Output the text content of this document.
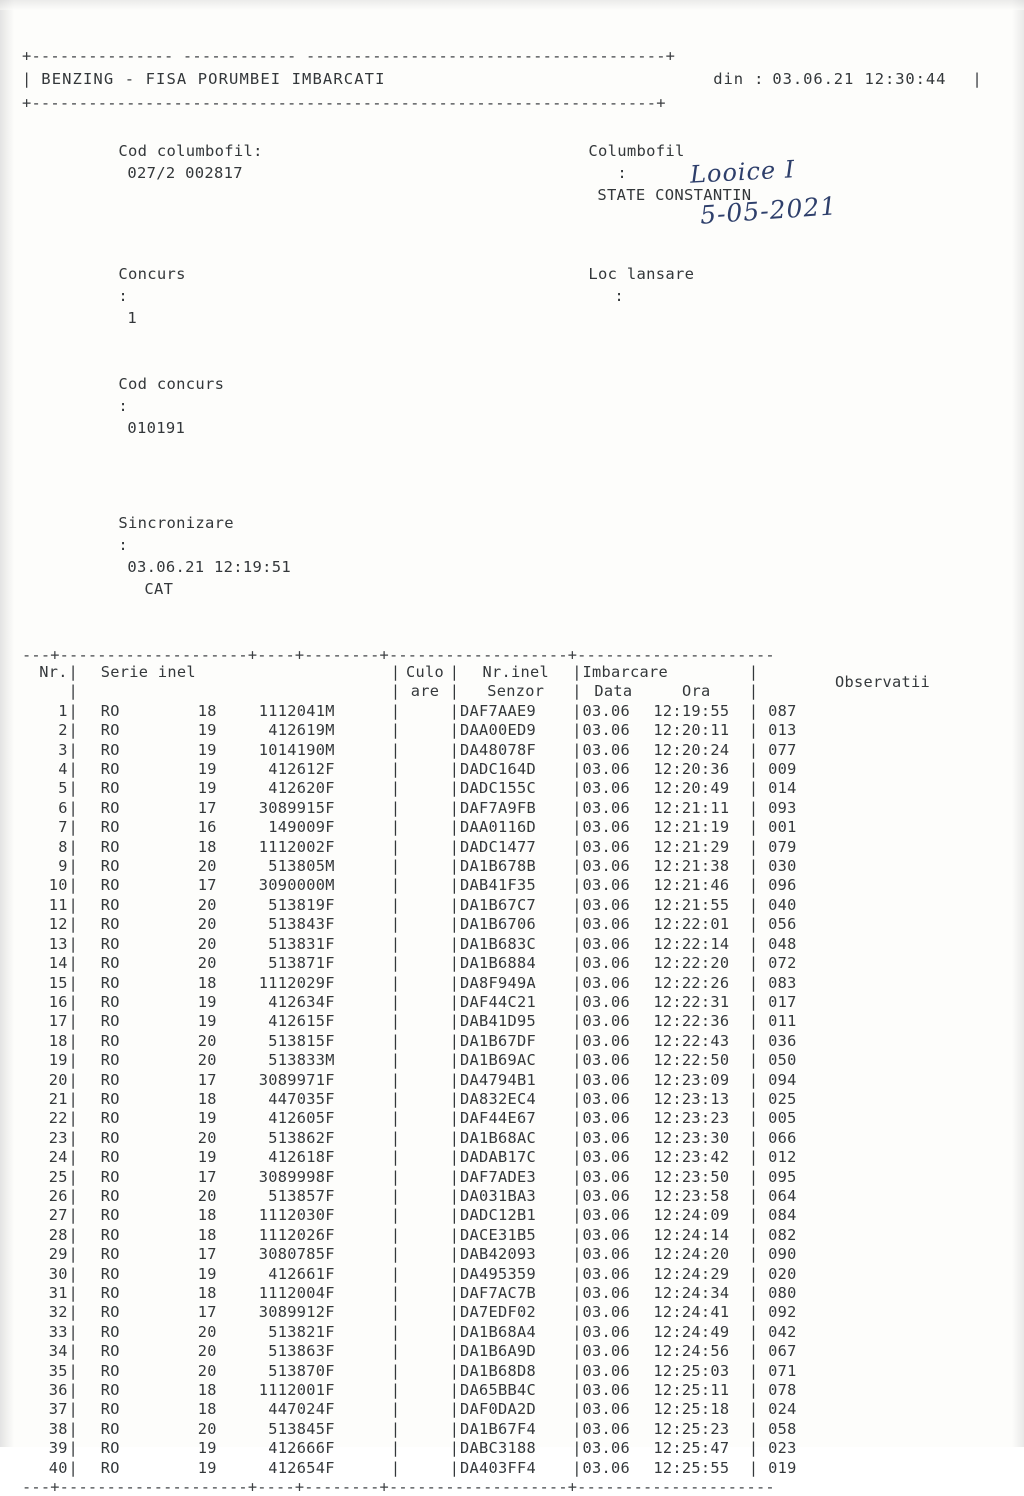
+--------------- ------------ --------------------------------------+
| BENZING - FISA PORUMBEI IMBARCATI	din : 03.06.21 12:30:44 |
+------------------------------------------------------------------+

Cod columbofil:
027/2 002817

Columbofil
:
STATE CONSTANTIN

Concurs
:
1

Loc lansare
:

Cod concurs
:
010191

Sincronizare
:
03.06.21 12:19:51
CAT

---+--------------------+----+--------+-------------------+---------------------
Nr.	|	Serie inel	|	Culo	|	Nr.inel	|	Imbarcare		|	Observatii
	|		|	are	|	Senzor	|	Data	Ora	|	
1	|	RO 18 1112041M	|		|	DAF7AAE9	|	03.06	12:19:55	|	087
2	|	RO 19 412619M	|		|	DAA00ED9	|	03.06	12:20:11	|	013
3	|	RO 19 1014190M	|		|	DA48078F	|	03.06	12:20:24	|	077
4	|	RO 19 412612F	|		|	DADC164D	|	03.06	12:20:36	|	009
5	|	RO 19 412620F	|		|	DADC155C	|	03.06	12:20:49	|	014
6	|	RO 17 3089915F	|		|	DAF7A9FB	|	03.06	12:21:11	|	093
7	|	RO 16 149009F	|		|	DAA0116D	|	03.06	12:21:19	|	001
8	|	RO 18 1112002F	|		|	DADC1477	|	03.06	12:21:29	|	079
9	|	RO 20 513805M	|		|	DA1B678B	|	03.06	12:21:38	|	030
10	|	RO 17 3090000M	|		|	DAB41F35	|	03.06	12:21:46	|	096
11	|	RO 20 513819F	|		|	DA1B67C7	|	03.06	12:21:55	|	040
12	|	RO 20 513843F	|		|	DA1B6706	|	03.06	12:22:01	|	056
13	|	RO 20 513831F	|		|	DA1B683C	|	03.06	12:22:14	|	048
14	|	RO 20 513871F	|		|	DA1B6884	|	03.06	12:22:20	|	072
15	|	RO 18 1112029F	|		|	DA8F949A	|	03.06	12:22:26	|	083
16	|	RO 19 412634F	|		|	DAF44C21	|	03.06	12:22:31	|	017
17	|	RO 19 412615F	|		|	DAB41D95	|	03.06	12:22:36	|	011
18	|	RO 20 513815F	|		|	DA1B67DF	|	03.06	12:22:43	|	036
19	|	RO 20 513833M	|		|	DA1B69AC	|	03.06	12:22:50	|	050
20	|	RO 17 3089971F	|		|	DA4794B1	|	03.06	12:23:09	|	094
21	|	RO 18 447035F	|		|	DA832EC4	|	03.06	12:23:13	|	025
22	|	RO 19 412605F	|		|	DAF44E67	|	03.06	12:23:23	|	005
23	|	RO 20 513862F	|		|	DA1B68AC	|	03.06	12:23:30	|	066
24	|	RO 19 412618F	|		|	DADAB17C	|	03.06	12:23:42	|	012
25	|	RO 17 3089998F	|		|	DAF7ADE3	|	03.06	12:23:50	|	095
26	|	RO 20 513857F	|		|	DA031BA3	|	03.06	12:23:58	|	064
27	|	RO 18 1112030F	|		|	DADC12B1	|	03.06	12:24:09	|	084
28	|	RO 18 1112026F	|		|	DACE31B5	|	03.06	12:24:14	|	082
29	|	RO 17 3080785F	|		|	DAB42093	|	03.06	12:24:20	|	090
30	|	RO 19 412661F	|		|	DA495359	|	03.06	12:24:29	|	020
31	|	RO 18 1112004F	|		|	DAF7AC7B	|	03.06	12:24:34	|	080
32	|	RO 17 3089912F	|		|	DA7EDF02	|	03.06	12:24:41	|	092
33	|	RO 20 513821F	|		|	DA1B68A4	|	03.06	12:24:49	|	042
34	|	RO 20 513863F	|		|	DA1B6A9D	|	03.06	12:24:56	|	067
35	|	RO 20 513870F	|		|	DA1B68D8	|	03.06	12:25:03	|	071
36	|	RO 18 1112001F	|		|	DA65BB4C	|	03.06	12:25:11	|	078
37	|	RO 18 447024F	|		|	DAF0DA2D	|	03.06	12:25:18	|	024
38	|	RO 20 513845F	|		|	DA1B67F4	|	03.06	12:25:23	|	058
39	|	RO 19 412666F	|		|	DABC3188	|	03.06	12:25:47	|	023
40	|	RO 19 412654F	|		|	DA403FF4	|	03.06	12:25:55	|	019
---+--------------------+----+--------+-------------------+---------------------
Looice I
5-05-2021
